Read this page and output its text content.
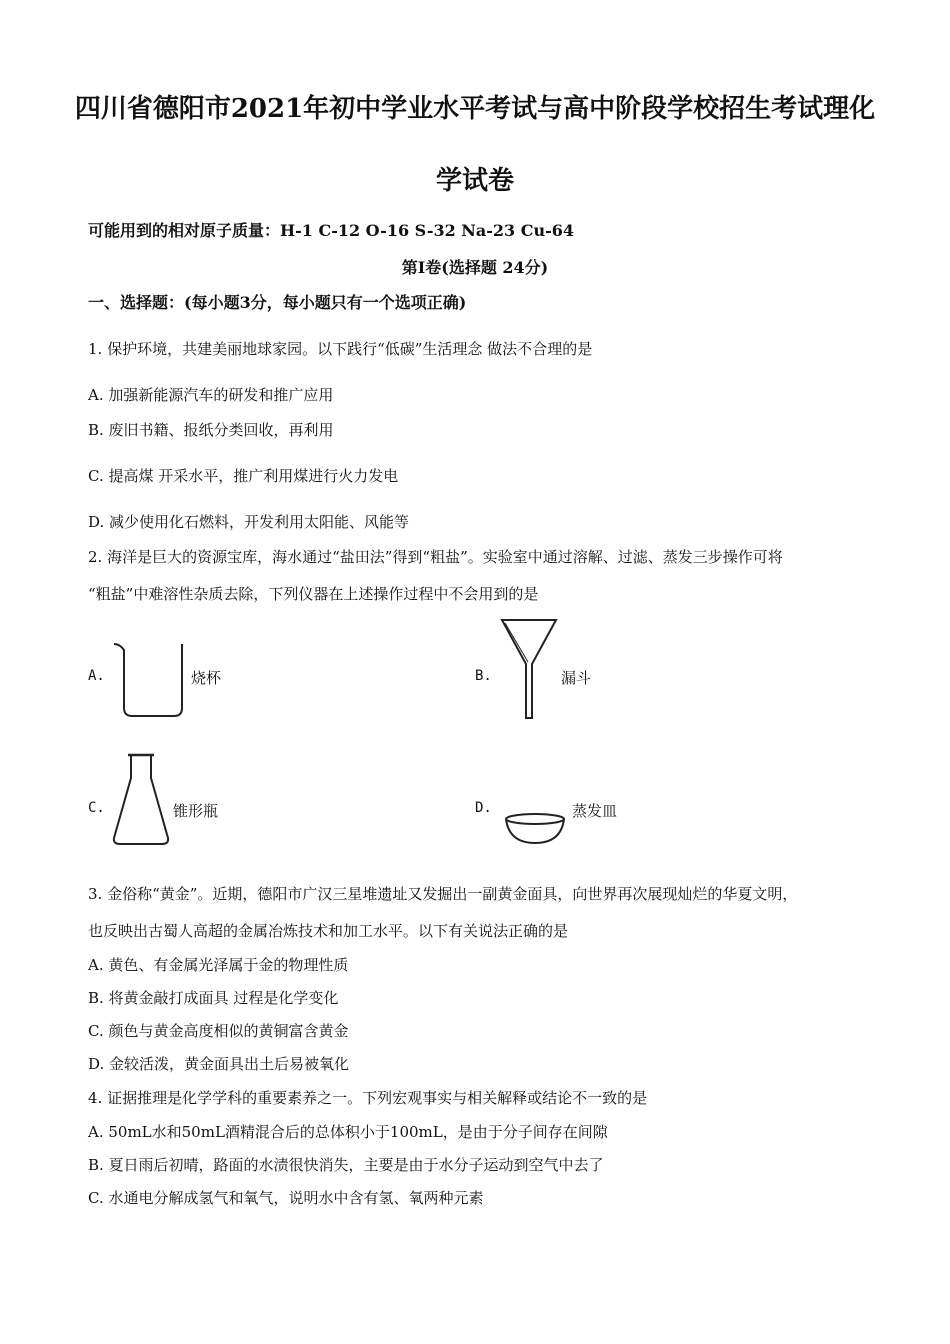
四川省德阳市2021年初中学业水平考试与高中阶段学校招生考试理化
学试卷
可能用到的相对原子质量：H-1 C-12 O-16 S-32 Na-23 Cu-64
第Ⅰ卷(选择题 24分)
一、选择题：(每小题3分，每小题只有一个选项正确)
1. 保护环境，共建美丽地球家园。以下践行“低碳”生活理念 做法不合理的是
A. 加强新能源汽车的研发和推广应用
B. 废旧书籍、报纸分类回收，再利用
C. 提高煤 开采水平，推广利用煤进行火力发电
D. 减少使用化石燃料，开发利用太阳能、风能等
2. 海洋是巨大的资源宝库，海水通过“盐田法”得到“粗盐”。实验室中通过溶解、过滤、蒸发三步操作可将
“粗盐”中难溶性杂质去除，下列仪器在上述操作过程中不会用到的是
A.	烧杯	B.	漏斗
C.	锥形瓶	D.	蒸发皿
3. 金俗称“黄金”。近期，德阳市广汉三星堆遗址又发掘出一副黄金面具，向世界再次展现灿烂的华夏文明，
也反映出古蜀人高超的金属冶炼技术和加工水平。以下有关说法正确的是
A. 黄色、有金属光泽属于金的物理性质
B. 将黄金敲打成面具 过程是化学变化
C. 颜色与黄金高度相似的黄铜富含黄金
D. 金较活泼，黄金面具出土后易被氧化
4. 证据推理是化学学科的重要素养之一。下列宏观事实与相关解释或结论不一致的是
A. 50mL水和50mL酒精混合后的总体积小于100mL，是由于分子间存在间隙
B. 夏日雨后初晴，路面的水渍很快消失，主要是由于水分子运动到空气中去了
C. 水通电分解成氢气和氧气，说明水中含有氢、氧两种元素
